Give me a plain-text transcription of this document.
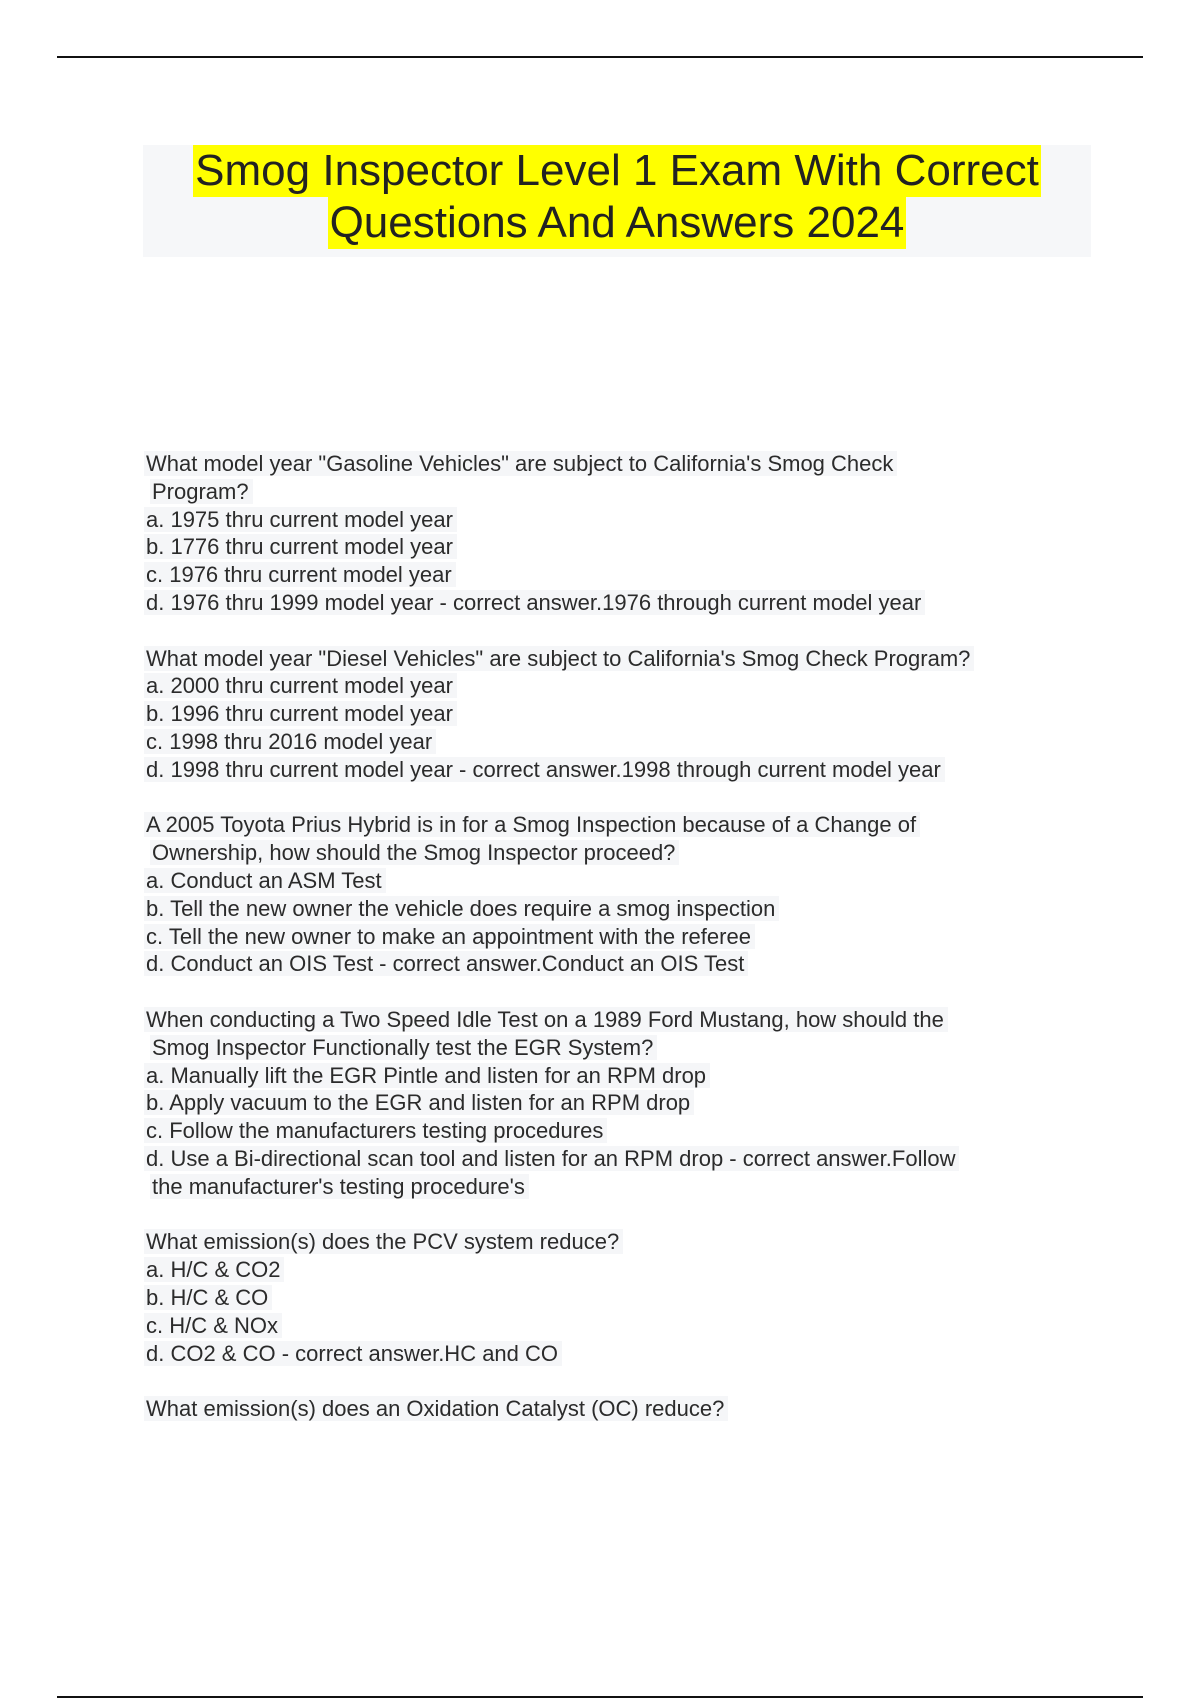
Smog Inspector Level 1 Exam With Correct
Questions And Answers 2024
What model year "Gasoline Vehicles" are subject to California's Smog Check
Program?
a. 1975 thru current model year
b. 1776 thru current model year
c. 1976 thru current model year
d. 1976 thru 1999 model year - correct answer.1976 through current model year
What model year "Diesel Vehicles" are subject to California's Smog Check Program?
a. 2000 thru current model year
b. 1996 thru current model year
c. 1998 thru 2016 model year
d. 1998 thru current model year - correct answer.1998 through current model year
A 2005 Toyota Prius Hybrid is in for a Smog Inspection because of a Change of
Ownership, how should the Smog Inspector proceed?
a. Conduct an ASM Test
b. Tell the new owner the vehicle does require a smog inspection
c. Tell the new owner to make an appointment with the referee
d. Conduct an OIS Test - correct answer.Conduct an OIS Test
When conducting a Two Speed Idle Test on a 1989 Ford Mustang, how should the
Smog Inspector Functionally test the EGR System?
a. Manually lift the EGR Pintle and listen for an RPM drop
b. Apply vacuum to the EGR and listen for an RPM drop
c. Follow the manufacturers testing procedures
d. Use a Bi-directional scan tool and listen for an RPM drop - correct answer.Follow
the manufacturer's testing procedure's
What emission(s) does the PCV system reduce?
a. H/C & CO2
b. H/C & CO
c. H/C & NOx
d. CO2 & CO - correct answer.HC and CO
What emission(s) does an Oxidation Catalyst (OC) reduce?
